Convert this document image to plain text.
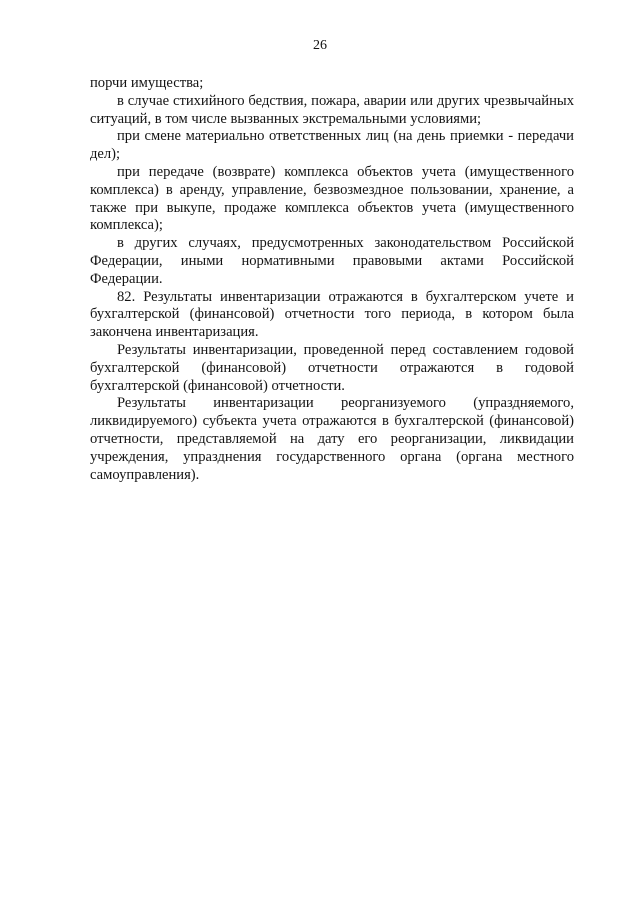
26

порчи имущества;

в случае стихийного бедствия, пожара, аварии или других чрезвычайных ситуаций, в том числе вызванных экстремальными условиями;

при смене материально ответственных лиц (на день приемки - передачи дел);

при передаче (возврате) комплекса объектов учета (имущественного комплекса) в аренду, управление, безвозмездное пользовании, хранение, а также при выкупе, продаже комплекса объектов учета (имущественного комплекса);

в других случаях, предусмотренных законодательством Российской Федерации, иными нормативными правовыми актами Российской Федерации.

82. Результаты инвентаризации отражаются в бухгалтерском учете и бухгалтерской (финансовой) отчетности того периода, в котором была закончена инвентаризация.

Результаты инвентаризации, проведенной перед составлением годовой бухгалтерской (финансовой) отчетности отражаются в годовой бухгалтерской (финансовой) отчетности.

Результаты инвентаризации реорганизуемого (упраздняемого, ликвидируемого) субъекта учета отражаются в бухгалтерской (финансовой) отчетности, представляемой на дату его реорганизации, ликвидации учреждения, упразднения государственного органа (органа местного самоуправления).
